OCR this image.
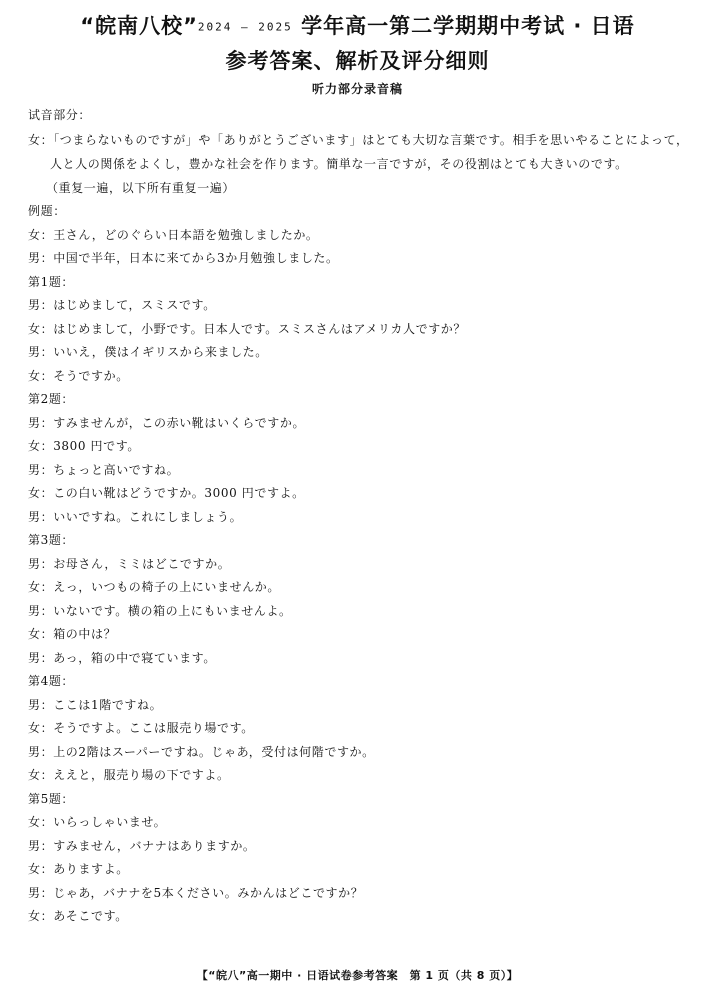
“皖南八校”2024 – 2025 学年高一第二学期期中考试 · 日语
参考答案、解析及评分细则
听力部分录音稿
试音部分：
女：「つまらないものですが」や「ありがとうございます」はとても大切な言葉です。相手を思いやることによって，人と人の関係をよくし，豊かな社会を作ります。簡単な一言ですが，その役割はとても大きいのです。
（重复一遍，以下所有重复一遍）
例题：
女：王さん，どのぐらい日本語を勉強しましたか。
男：中国で半年，日本に来てから3か月勉強しました。
第1题：
男：はじめまして，スミスです。
女：はじめまして，小野です。日本人です。スミスさんはアメリカ人ですか？
男：いいえ，僕はイギリスから来ました。
女：そうですか。
第2题：
男：すみませんが，この赤い靴はいくらですか。
女：3800 円です。
男：ちょっと高いですね。
女：この白い靴はどうですか。3000 円ですよ。
男：いいですね。これにしましょう。
第3题：
男：お母さん，ミミはどこですか。
女：えっ，いつもの椅子の上にいませんか。
男：いないです。横の箱の上にもいませんよ。
女：箱の中は？
男：あっ，箱の中で寝ています。
第4题：
男：ここは1階ですね。
女：そうですよ。ここは服売り場です。
男：上の2階はスーパーですね。じゃあ，受付は何階ですか。
女：ええと，服売り場の下ですよ。
第5题：
女：いらっしゃいませ。
男：すみません，バナナはありますか。
女：ありますよ。
男：じゃあ，バナナを5本ください。みかんはどこですか？
女：あそこです。
【“皖八”高一期中 · 日语试卷参考答案　第 1 页（共 8 页）】
